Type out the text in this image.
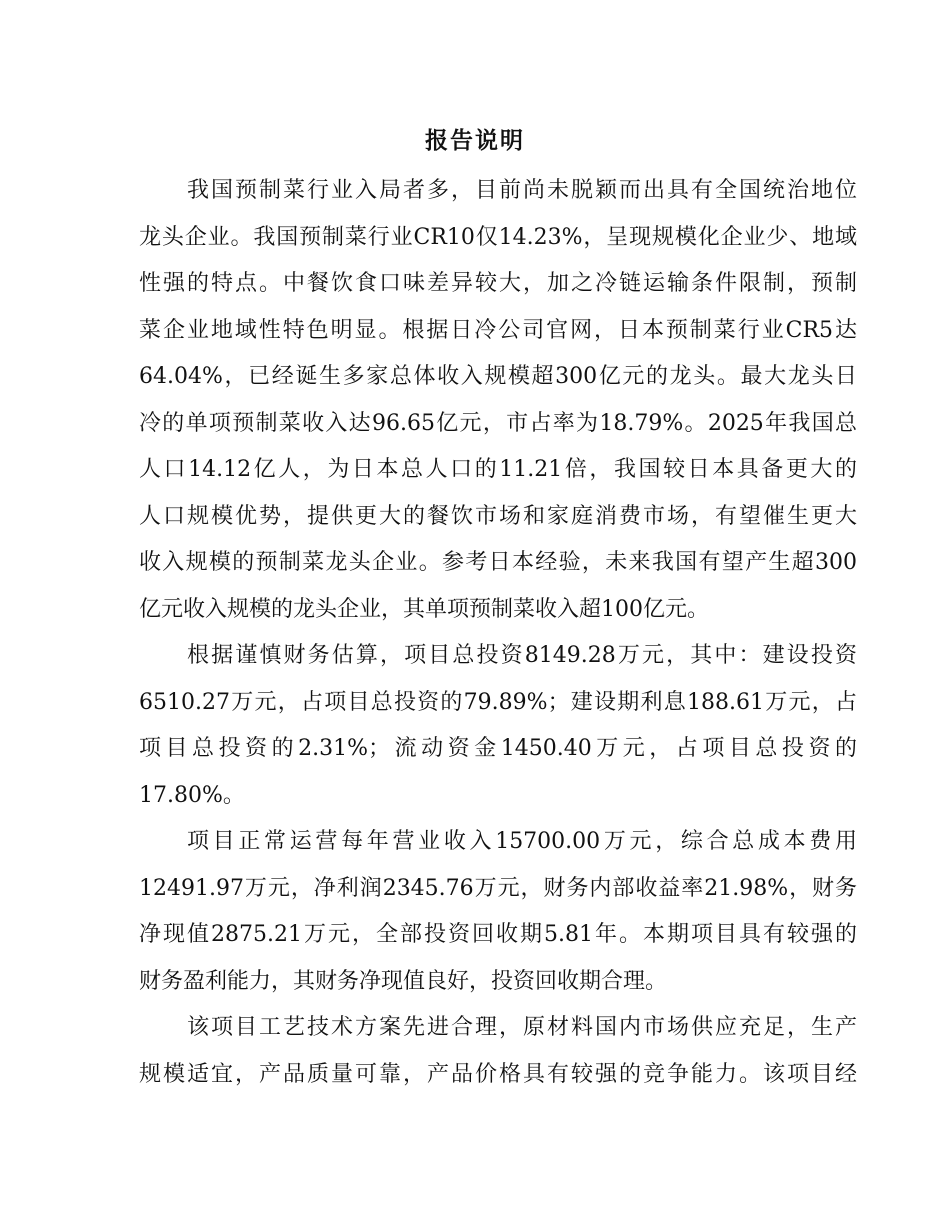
报告说明
我国预制菜行业入局者多，目前尚未脱颖而出具有全国统治地位
龙头企业。我国预制菜行业CR10仅14.23%，呈现规模化企业少、地域
性强的特点。中餐饮食口味差异较大，加之冷链运输条件限制，预制
菜企业地域性特色明显。根据日冷公司官网，日本预制菜行业CR5达
64.04%，已经诞生多家总体收入规模超300亿元的龙头。最大龙头日
冷的单项预制菜收入达96.65亿元，市占率为18.79%。2025年我国总
人口14.12亿人，为日本总人口的11.21倍，我国较日本具备更大的
人口规模优势，提供更大的餐饮市场和家庭消费市场，有望催生更大
收入规模的预制菜龙头企业。参考日本经验，未来我国有望产生超300
亿元收入规模的龙头企业，其单项预制菜收入超100亿元。
根据谨慎财务估算，项目总投资8149.28万元，其中：建设投资
6510.27万元，占项目总投资的79.89%；建设期利息188.61万元，占
项目总投资的2.31%；流动资金1450.40万元，占项目总投资的
17.80%。
项目正常运营每年营业收入15700.00万元，综合总成本费用
12491.97万元，净利润2345.76万元，财务内部收益率21.98%，财务
净现值2875.21万元，全部投资回收期5.81年。本期项目具有较强的
财务盈利能力，其财务净现值良好，投资回收期合理。
该项目工艺技术方案先进合理，原材料国内市场供应充足，生产
规模适宜，产品质量可靠，产品价格具有较强的竞争能力。该项目经
